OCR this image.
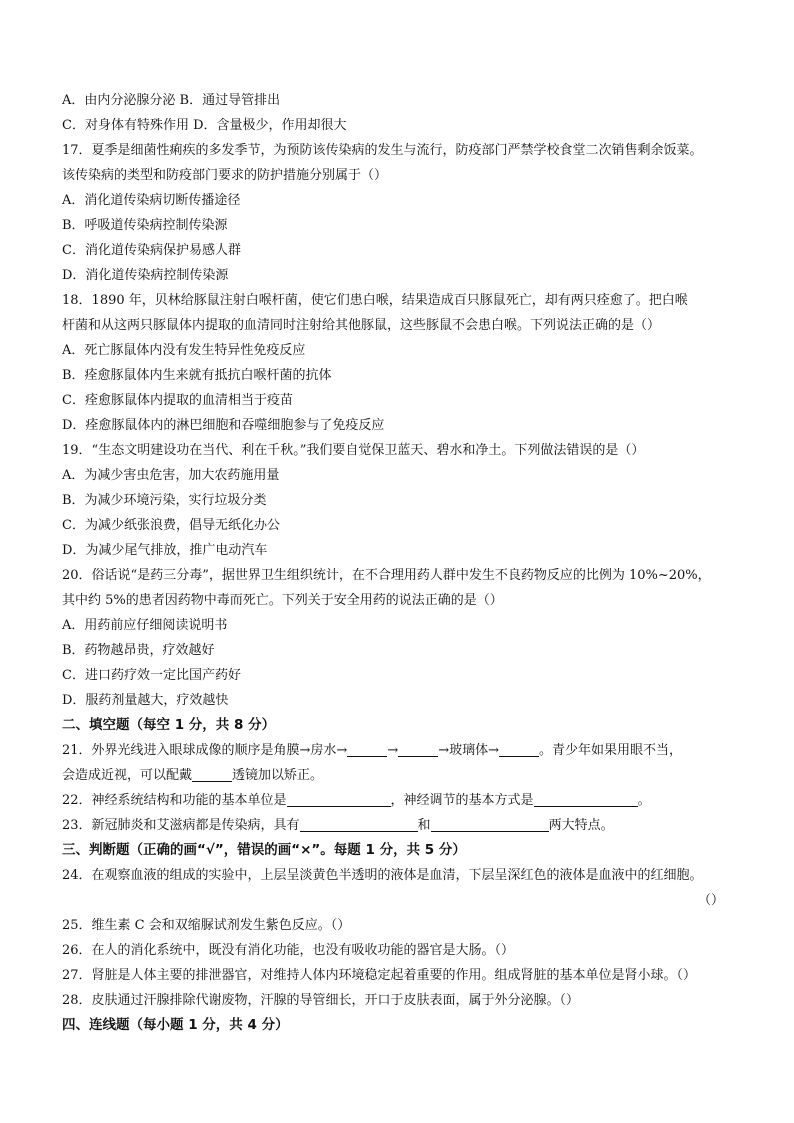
A．由内分泌腺分泌 B．通过导管排出
C．对身体有特殊作用 D．含量极少，作用却很大
17．夏季是细菌性痢疾的多发季节，为预防该传染病的发生与流行，防疫部门严禁学校食堂二次销售剩余饭菜。
该传染病的类型和防疫部门要求的防护措施分别属于（）
A．消化道传染病切断传播途径
B．呼吸道传染病控制传染源
C．消化道传染病保护易感人群
D．消化道传染病控制传染源
18．1890 年，贝林给豚鼠注射白喉杆菌，使它们患白喉，结果造成百只豚鼠死亡，却有两只痊愈了。把白喉
杆菌和从这两只豚鼠体内提取的血清同时注射给其他豚鼠，这些豚鼠不会患白喉。下列说法正确的是（）
A．死亡豚鼠体内没有发生特异性免疫反应
B．痊愈豚鼠体内生来就有抵抗白喉杆菌的抗体
C．痊愈豚鼠体内提取的血清相当于疫苗
D．痊愈豚鼠体内的淋巴细胞和吞噬细胞参与了免疫反应
19．“生态文明建设功在当代、利在千秋。”我们要自觉保卫蓝天、碧水和净土。下列做法错误的是（）
A．为减少害虫危害，加大农药施用量
B．为减少环境污染，实行垃圾分类
C．为减少纸张浪费，倡导无纸化办公
D．为减少尾气排放，推广电动汽车
20．俗话说“是药三分毒”，据世界卫生组织统计，在不合理用药人群中发生不良药物反应的比例为 10%~20%，
其中约 5%的患者因药物中毒而死亡。下列关于安全用药的说法正确的是（）
A．用药前应仔细阅读说明书
B．药物越昂贵，疗效越好
C．进口药疗效一定比国产药好
D．服药剂量越大，疗效越快
二、填空题（每空 1 分，共 8 分）
21．外界光线进入眼球成像的顺序是角膜→房水→	→	→玻璃体→	。青少年如果用眼不当，
会造成近视，可以配戴	透镜加以矫正。
22．神经系统结构和功能的基本单位是	，神经调节的基本方式是	。
23．新冠肺炎和艾滋病都是传染病，具有	和	两大特点。
三、判断题（正确的画“√”，错误的画“×”。每题 1 分，共 5 分）
24．在观察血液的组成的实验中，上层呈淡黄色半透明的液体是血清，下层呈深红色的液体是血液中的红细胞。
（）
25．维生素 C 会和双缩脲试剂发生紫色反应。（）
26．在人的消化系统中，既没有消化功能，也没有吸收功能的器官是大肠。（）
27．肾脏是人体主要的排泄器官，对维持人体内环境稳定起着重要的作用。组成肾脏的基本单位是肾小球。（）
28．皮肤通过汗腺排除代谢废物，汗腺的导管细长，开口于皮肤表面，属于外分泌腺。（）
四、连线题（每小题 1 分，共 4 分）
